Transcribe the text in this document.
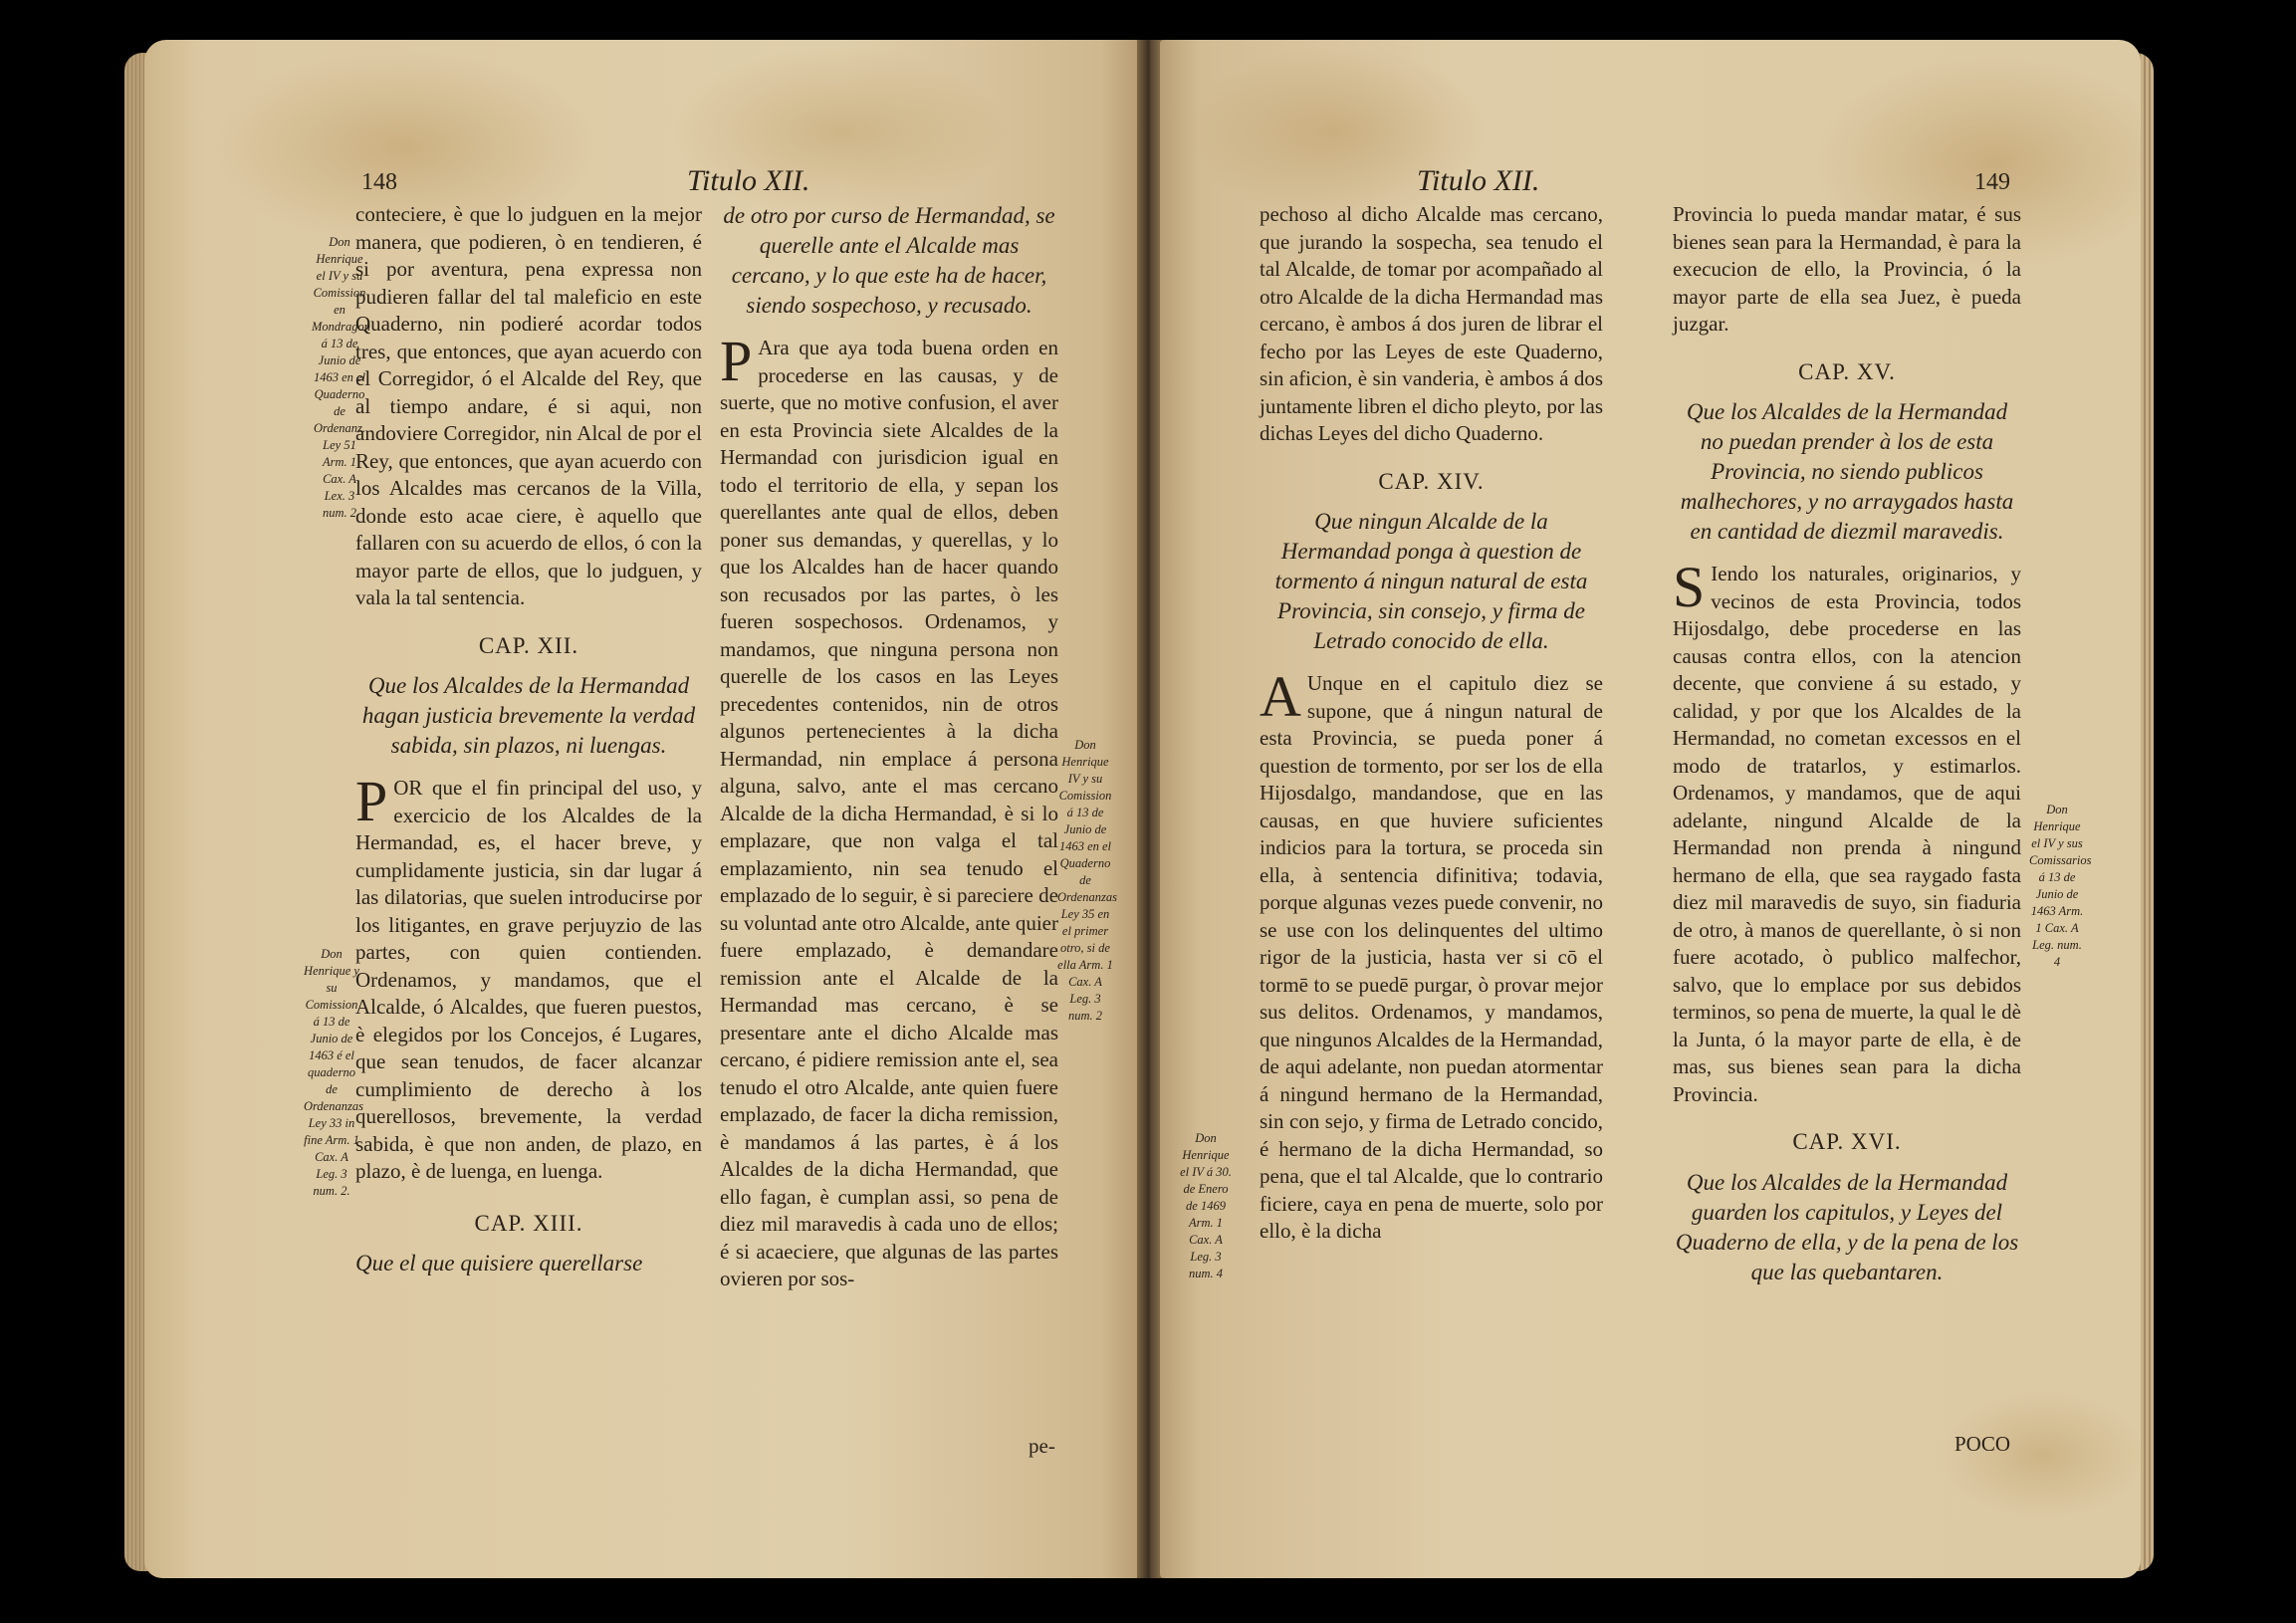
148	Titulo XII.
Don Henrique el IV y su Comission en Mondragon á 13 de Junio de 1463 en el Quaderno de Ordenanz. Ley 51 Arm. 1 Cax. A Lex. 3 num. 2
Don Henrique y su Comission á 13 de Junio de 1463 é el quaderno de Ordenanzas Ley 33 in fine Arm. 1 Cax. A Leg. 3 num. 2.
Don Henrique IV y su Comission á 13 de Junio de 1463 en el Quaderno de Ordenanzas Ley 35 en el primer otro, si de ella Arm. 1 Cax. A Leg. 3 num. 2

conteciere, è que lo judguen en la mejor manera, que podieren, ò en tendieren, é si por aventura, pena expressa non pudieren fallar del tal maleficio en este Quaderno, nin podieré acordar todos tres, que entonces, que ayan acuerdo con el Corregidor, ó el Alcalde del Rey, que al tiempo andare, é si aqui, non andoviere Corregidor, nin Alcal de por el Rey, que entonces, que ayan acuerdo con los Alcaldes mas cercanos de la Villa, donde esto acae ciere, è aquello que fallaren con su acuerdo de ellos, ó con la mayor parte de ellos, que lo judguen, y vala la tal sentencia.

CAP. XII.
Que los Alcaldes de la Hermandad hagan justicia brevemente la verdad sabida, sin plazos, ni luengas.

POR que el fin principal del uso, y exercicio de los Alcaldes de la Hermandad, es, el hacer breve, y cumplidamente justicia, sin dar lugar á las dilatorias, que suelen introducirse por los litigantes, en grave perjuyzio de las partes, con quien contienden. Ordenamos, y mandamos, que el Alcalde, ó Alcaldes, que fueren puestos, è elegidos por los Concejos, é Lugares, que sean tenudos, de facer alcanzar cumplimiento de derecho à los querellosos, brevemente, la verdad sabida, è que non anden, de plazo, en plazo, è de luenga, en luenga.

CAP. XIII.
Que el que quisiere querellarse
de otro por curso de Hermandad, se querelle ante el Alcalde mas cercano, y lo que este ha de hacer, siendo sospechoso, y recusado.

P Ara que aya toda buena orden en procederse en las causas, y de suerte, que no motive confusion, el aver en esta Provincia siete Alcaldes de la Hermandad con jurisdicion igual en todo el territorio de ella, y sepan los querellantes ante qual de ellos, deben poner sus demandas, y querellas, y lo que los Alcaldes han de hacer quando son recusados por las partes, ò les fueren sospechosos. Ordenamos, y mandamos, que ninguna persona non querelle de los casos en las Leyes precedentes contenidos, nin de otros algunos pertenecientes à la dicha Hermandad, nin emplace á persona alguna, salvo, ante el mas cercano Alcalde de la dicha Hermandad, è si lo emplazare, que non valga el tal emplazamiento, nin sea tenudo el emplazado de lo seguir, è si pareciere de su voluntad ante otro Alcalde, ante quier fuere emplazado, è demandare remission ante el Alcalde de la Hermandad mas cercano, è se presentare ante el dicho Alcalde mas cercano, é pidiere remission ante el, sea tenudo el otro Alcalde, ante quien fuere emplazado, de facer la dicha remission, è mandamos á las partes, è á los Alcaldes de la dicha Hermandad, que ello fagan, è cumplan assi, so pena de diez mil maravedis à cada uno de ellos; é si acaeciere, que algunas de las partes ovieren por sos-

pe-
Titulo XII.	149
Don Henrique el IV á 30. de Enero de 1469 Arm. 1 Cax. A Leg. 3 num. 4
Don Henrique el IV y sus Comissarios á 13 de Junio de 1463 Arm. 1 Cax. A Leg. num. 4

pechoso al dicho Alcalde mas cercano, que jurando la sospecha, sea tenudo el tal Alcalde, de tomar por acompañado al otro Alcalde de la dicha Hermandad mas cercano, è ambos á dos juren de librar el fecho por las Leyes de este Quaderno, sin aficion, è sin vanderia, è ambos á dos juntamente libren el dicho pleyto, por las dichas Leyes del dicho Quaderno.

CAP. XIV.
Que ningun Alcalde de la Hermandad ponga à question de tormento á ningun natural de esta Provincia, sin consejo, y firma de Letrado conocido de ella.

A Unque en el capitulo diez se supone, que á ningun natural de esta Provincia, se pueda poner á question de tormento, por ser los de ella Hijosdalgo, mandandose, que en las causas, en que huviere suficientes indicios para la tortura, se proceda sin ella, à sentencia difinitiva; todavia, porque algunas vezes puede convenir, no se use con los delinquentes del ultimo rigor de la justicia, hasta ver si cō el tormē to se puedē purgar, ò provar mejor sus delitos. Ordenamos, y mandamos, que ningunos Alcaldes de la Hermandad, de aqui adelante, non puedan atormentar á ningund hermano de la Hermandad, sin con sejo, y firma de Letrado concido, é hermano de la dicha Hermandad, so pena, que el tal Alcalde, que lo contrario ficiere, caya en pena de muerte, solo por ello, è la dicha

Provincia lo pueda mandar matar, é sus bienes sean para la Hermandad, è para la execucion de ello, la Provincia, ó la mayor parte de ella sea Juez, è pueda juzgar.

CAP. XV.
Que los Alcaldes de la Hermandad no puedan prender à los de esta Provincia, no siendo publicos malhechores, y no arraygados hasta en cantidad de diezmil maravedis.

S Iendo los naturales, originarios, y vecinos de esta Provincia, todos Hijosdalgo, debe procederse en las causas contra ellos, con la atencion decente, que conviene á su estado, y calidad, y por que los Alcaldes de la Hermandad, no cometan excessos en el modo de tratarlos, y estimarlos. Ordenamos, y mandamos, que de aqui adelante, ningund Alcalde de la Hermandad non prenda à ningund hermano de ella, que sea raygado fasta diez mil maravedis de suyo, sin fiaduria de otro, à manos de querellante, ò si non fuere acotado, ò publico malfechor, salvo, que lo emplace por sus debidos terminos, so pena de muerte, la qual le dè la Junta, ó la mayor parte de ella, è de mas, sus bienes sean para la dicha Provincia.

CAP. XVI.
Que los Alcaldes de la Hermandad guarden los capitulos, y Leyes del Quaderno de ella, y de la pena de los que las quebantaren.
POCO
